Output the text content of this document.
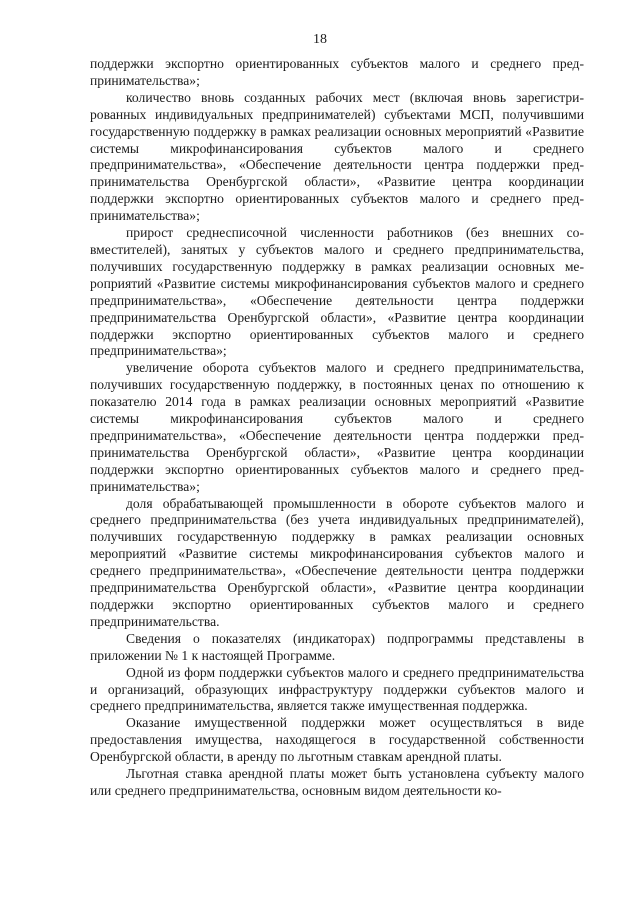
18

поддержки экспортно ориентированных субъектов малого и среднего предпринимательства»;

количество вновь созданных рабочих мест (включая вновь зарегистрированных индивидуальных предпринимателей) субъектами МСП, получившими государственную поддержку в рамках реализации основных мероприятий «Развитие системы микрофинансирования субъектов малого и среднего предпринимательства», «Обеспечение деятельности центра поддержки предпринимательства Оренбургской области», «Развитие центра координации поддержки экспортно ориентированных субъектов малого и среднего предпринимательства»;

прирост среднесписочной численности работников (без внешних совместителей), занятых у субъектов малого и среднего предпринимательства, получивших государственную поддержку в рамках реализации основных мероприятий «Развитие системы микрофинансирования субъектов малого и среднего предпринимательства», «Обеспечение деятельности центра поддержки предпринимательства Оренбургской области», «Развитие центра координации поддержки экспортно ориентированных субъектов малого и среднего предпринимательства»;

увеличение оборота субъектов малого и среднего предпринимательства, получивших государственную поддержку, в постоянных ценах по отношению к показателю 2014 года в рамках реализации основных мероприятий «Развитие системы микрофинансирования субъектов малого и среднего предпринимательства», «Обеспечение деятельности центра поддержки предпринимательства Оренбургской области», «Развитие центра координации поддержки экспортно ориентированных субъектов малого и среднего предпринимательства»;

доля обрабатывающей промышленности в обороте субъектов малого и среднего предпринимательства (без учета индивидуальных предпринимателей), получивших государственную поддержку в рамках реализации основных мероприятий «Развитие системы микрофинансирования субъектов малого и среднего предпринимательства», «Обеспечение деятельности центра поддержки предпринимательства Оренбургской области», «Развитие центра координации поддержки экспортно ориентированных субъектов малого и среднего предпринимательства.

Сведения о показателях (индикаторах) подпрограммы представлены в приложении № 1 к настоящей Программе.

Одной из форм поддержки субъектов малого и среднего предпринимательства и организаций, образующих инфраструктуру поддержки субъектов малого и среднего предпринимательства, является также имущественная поддержка.

Оказание имущественной поддержки может осуществляться в виде предоставления имущества, находящегося в государственной собственности Оренбургской области, в аренду по льготным ставкам арендной платы.

Льготная ставка арендной платы может быть установлена субъекту малого или среднего предпринимательства, основным видом деятельности ко-
